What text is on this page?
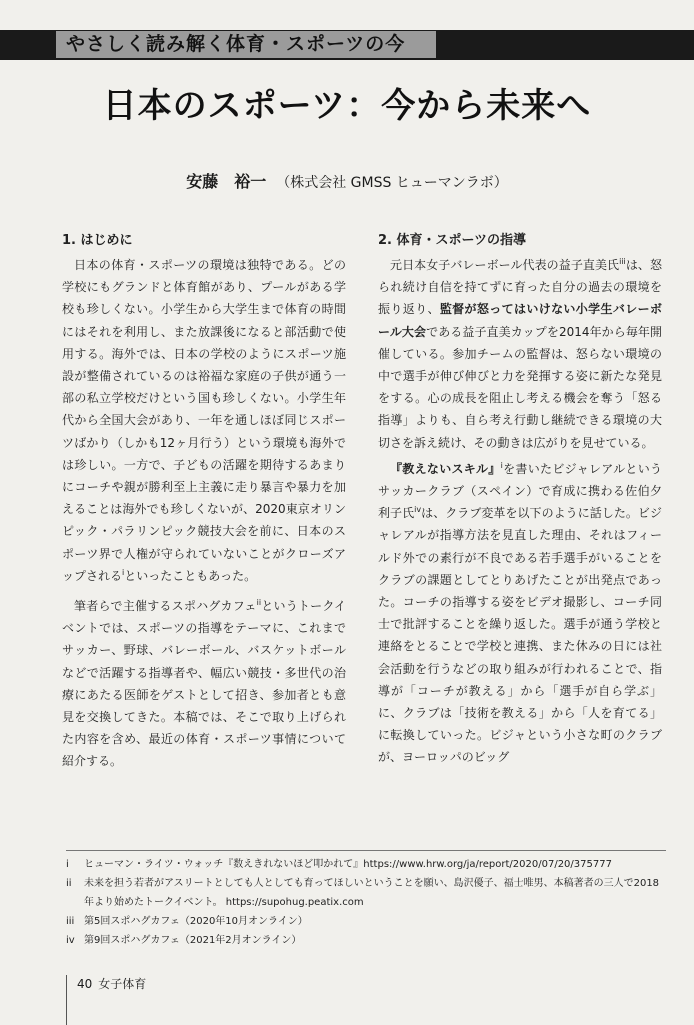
やさしく読み解く体育・スポーツの今
日本のスポーツ：今から未来へ
安藤　裕一 （株式会社 GMSS ヒューマンラボ）
1. はじめに

日本の体育・スポーツの環境は独特である。どの学校にもグランドと体育館があり、プールがある学校も珍しくない。小学生から大学生まで体育の時間にはそれを利用し、また放課後になると部活動で使用する。海外では、日本の学校のようにスポーツ施設が整備されているのは裕福な家庭の子供が通う一部の私立学校だけという国も珍しくない。小学生年代から全国大会があり、一年を通しほぼ同じスポーツばかり（しかも12ヶ月行う）という環境も海外では珍しい。一方で、子どもの活躍を期待するあまりにコーチや親が勝利至上主義に走り暴言や暴力を加えることは海外でも珍しくないが、2020東京オリンピック・パラリンピック競技大会を前に、日本のスポーツ界で人権が守られていないことがクローズアップされる$^i$といったこともあった。

筆者らで主催するスポハグカフェ$^{ii}$というトークイベントでは、スポーツの指導をテーマに、これまでサッカー、野球、バレーボール、バスケットボールなどで活躍する指導者や、幅広い競技・多世代の治療にあたる医師をゲストとして招き、参加者とも意見を交換してきた。本稿では、そこで取り上げられた内容を含め、最近の体育・スポーツ事情について紹介する。

2. 体育・スポーツの指導

元日本女子バレーボール代表の益子直美氏$^{iii}$は、怒られ続け自信を持てずに育った自分の過去の環境を振り返り、監督が怒ってはいけない小学生バレーボール大会である益子直美カップを2014年から毎年開催している。参加チームの監督は、怒らない環境の中で選手が伸び伸びと力を発揮する姿に新たな発見をする。心の成長を阻止し考える機会を奪う「怒る指導」よりも、自ら考え行動し継続できる環境の大切さを訴え続け、その動きは広がりを見せている。

『教えないスキル』$^i$を書いたビジャレアルというサッカークラブ（スペイン）で育成に携わる佐伯夕利子氏$^{iv}$は、クラブ変革を以下のように話した。ビジャレアルが指導方法を見直した理由、それはフィールド外での素行が不良である若手選手がいることをクラブの課題としてとりあげたことが出発点であった。コーチの指導する姿をビデオ撮影し、コーチ同士で批評することを繰り返した。選手が通う学校と連絡をとることで学校と連携、また休みの日には社会活動を行うなどの取り組みが行われることで、指導が「コーチが教える」から「選手が自ら学ぶ」に、クラブは「技術を教える」から「人を育てる」に転換していった。ビジャという小さな町のクラブが、ヨーロッパのビッグ

i	ヒューマン・ライツ・ウォッチ『数えきれないほど叩かれて』https://www.hrw.org/ja/report/2020/07/20/375777
ii	未来を担う若者がアスリートとしても人としても育ってほしいということを願い、島沢優子、福士唯男、本稿著者の三人で2018年より始めたトークイベント。 https://supohug.peatix.com
iii 第5回スポハグカフェ（2020年10月オンライン）
iv 第9回スポハグカフェ（2021年2月オンライン）
40 女子体育
